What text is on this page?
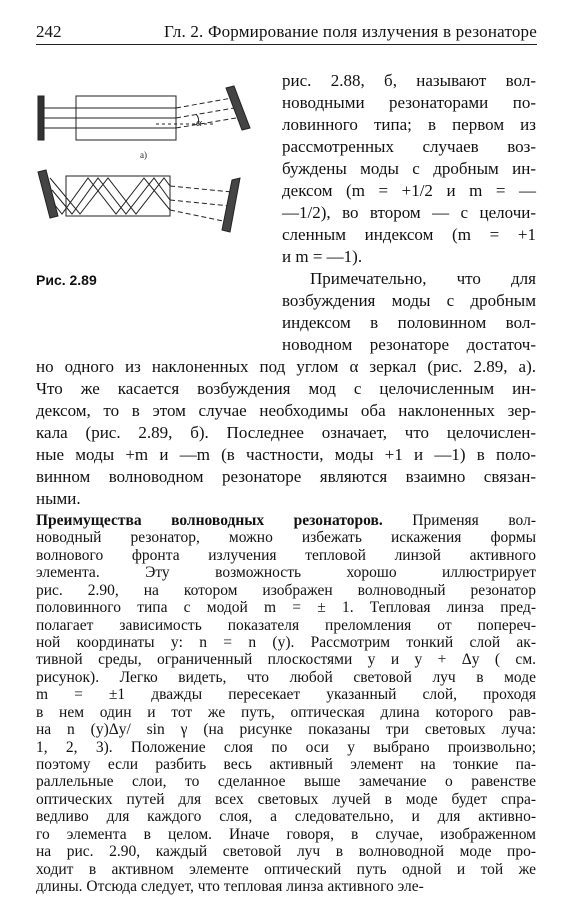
242	Гл. 2. Формирование поля излучения в резонаторе
α
a)
Рис. 2.89
рис. 2.88, б, называют вол-
новодными резонаторами по-
ловинного типа; в первом из
рассмотренных случаев воз-
буждены моды с дробным ин-
дексом (m = +1/2 и m = —
—1/2), во втором — с целочи-
сленным индексом (m = +1
и m = —1).
Примечательно, что для
возбуждения моды с дробным
индексом в половинном вол-
новодном резонаторе достаточ-
но одного из наклоненных под углом α зеркал (рис. 2.89, а).
Что же касается возбуждения мод с целочисленным ин-
дексом, то в этом случае необходимы оба наклоненных зер-
кала (рис. 2.89, б). Последнее означает, что целочислен-
ные моды +m и —m (в частности, моды +1 и —1) в поло-
винном волноводном резонаторе являются взаимно связан-
ными.
Преимущества волноводных резонаторов. Применяя вол-
новодный резонатор, можно избежать искажения формы
волнового фронта излучения тепловой линзой активного
элемента. Эту возможность хорошо иллюстрирует
рис. 2.90, на котором изображен волноводный резонатор
половинного типа с модой m = ± 1. Тепловая линза пред-
полагает зависимость показателя преломления от попереч-
ной координаты y: n = n (y). Рассмотрим тонкий слой ак-
тивной среды, ограниченный плоскостями y и y + Δy ( см.
рисунок). Легко видеть, что любой световой луч в моде
m = ±1 дважды пересекает указанный слой, проходя
в нем один и тот же путь, оптическая длина которого рав-
на n (y)Δy/ sin γ (на рисунке показаны три световых луча:
1, 2, 3). Положение слоя по оси y выбрано произвольно;
поэтому если разбить весь активный элемент на тонкие па-
раллельные слои, то сделанное выше замечание о равенстве
оптических путей для всех световых лучей в моде будет спра-
ведливо для каждого слоя, а следовательно, и для активно-
го элемента в целом. Иначе говоря, в случае, изображенном
на рис. 2.90, каждый световой луч в волноводной моде про-
ходит в активном элементе оптический путь одной и той же
длины. Отсюда следует, что тепловая линза активного эле-
